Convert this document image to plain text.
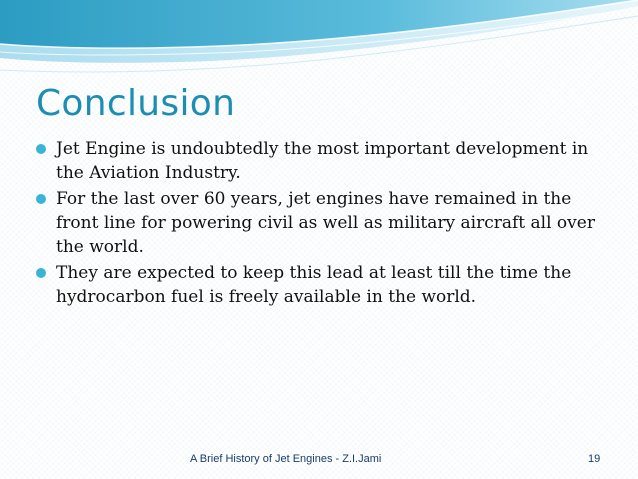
Conclusion
Jet Engine is undoubtedly the most important development in the Aviation Industry.
For the last over 60 years, jet engines have remained in the front line for powering civil as well as military aircraft all over the world.
They are expected to keep this lead at least till the time the hydrocarbon fuel is freely available in the world.
A Brief History of Jet Engines - Z.I.Jami	19
